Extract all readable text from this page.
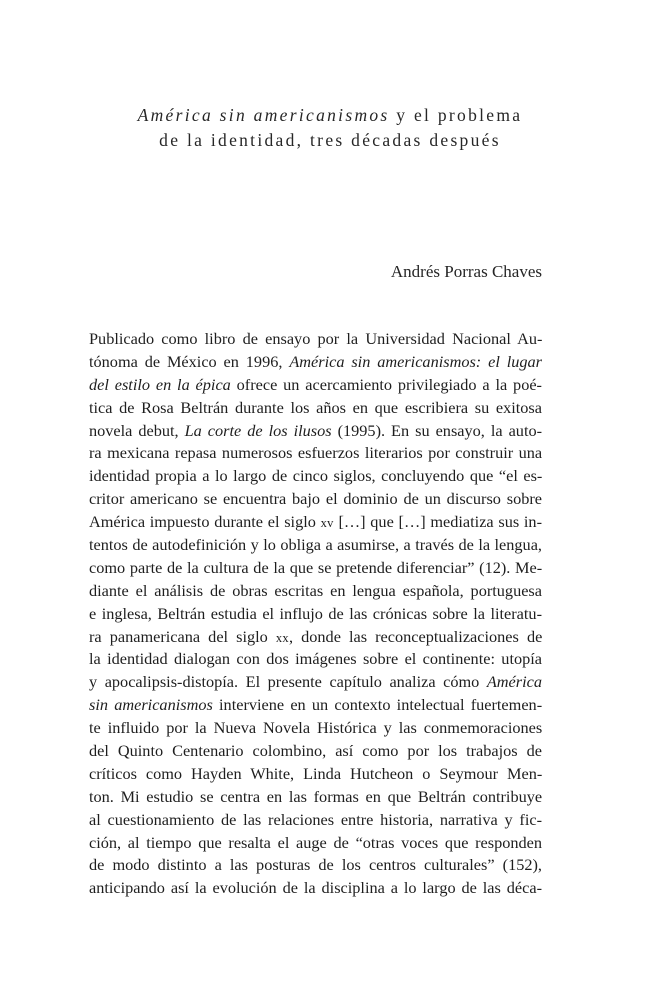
América sin americanismos y el problema
de la identidad, tres décadas después
Andrés Porras Chaves
Publicado como libro de ensayo por la Universidad Nacional Au-
tónoma de México en 1996, América sin americanismos: el lugar
del estilo en la épica ofrece un acercamiento privilegiado a la poé-
tica de Rosa Beltrán durante los años en que escribiera su exitosa
novela debut, La corte de los ilusos (1995). En su ensayo, la auto-
ra mexicana repasa numerosos esfuerzos literarios por construir una
identidad propia a lo largo de cinco siglos, concluyendo que “el es-
critor americano se encuentra bajo el dominio de un discurso sobre
América impuesto durante el siglo xv […] que […] mediatiza sus in-
tentos de autodefinición y lo obliga a asumirse, a través de la lengua,
como parte de la cultura de la que se pretende diferenciar” (12). Me-
diante el análisis de obras escritas en lengua española, portuguesa
e inglesa, Beltrán estudia el influjo de las crónicas sobre la literatu-
ra panamericana del siglo xx, donde las reconceptualizaciones de
la identidad dialogan con dos imágenes sobre el continente: utopía
y apocalipsis-distopía. El presente capítulo analiza cómo América
sin americanismos interviene en un contexto intelectual fuertemen-
te influido por la Nueva Novela Histórica y las conmemoraciones
del Quinto Centenario colombino, así como por los trabajos de
críticos como Hayden White, Linda Hutcheon o Seymour Men-
ton. Mi estudio se centra en las formas en que Beltrán contribuye
al cuestionamiento de las relaciones entre historia, narrativa y fic-
ción, al tiempo que resalta el auge de “otras voces que responden
de modo distinto a las posturas de los centros culturales” (152),
anticipando así la evolución de la disciplina a lo largo de las déca-
